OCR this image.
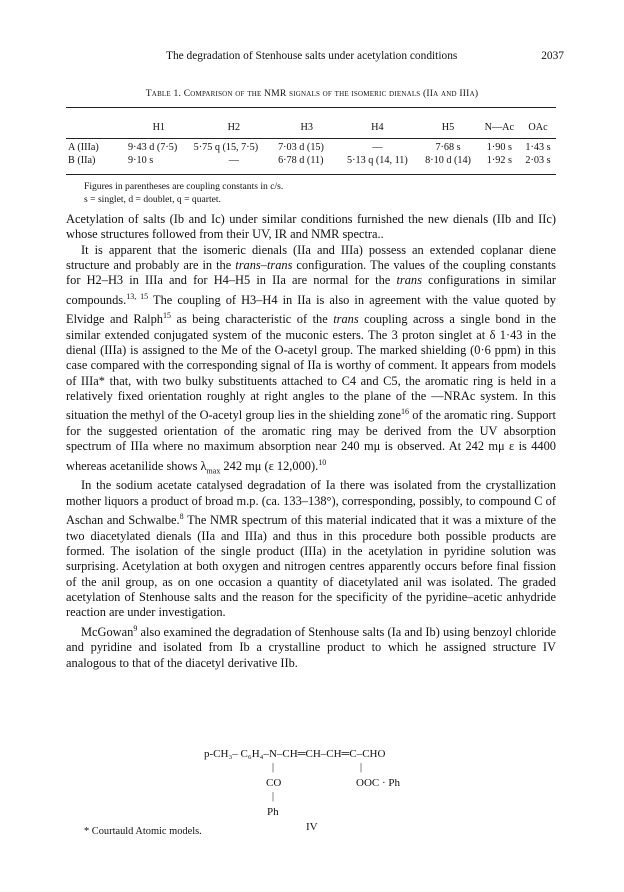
The degradation of Stenhouse salts under acetylation conditions	2037
Table 1. Comparison of the NMR signals of the isomeric dienals (IIa and IIIa)
	H1	H2	H3	H4	H5	N—Ac	OAc

A (IIIa)	9·43 d (7·5)	5·75 q (15, 7·5)	7·03 d (15)	—	7·68 s	1·90 s	1·43 s
B (IIa)	9·10 s	—	6·78 d (11)	5·13 q (14, 11)	8·10 d (14)	1·92 s	2·03 s
Figures in parentheses are coupling constants in c/s.
s = singlet, d = doublet, q = quartet.

Acetylation of salts (Ib and Ic) under similar conditions furnished the new dienals (IIb and IIc) whose structures followed from their UV, IR and NMR spectra..

It is apparent that the isomeric dienals (IIa and IIIa) possess an extended coplanar diene structure and probably are in the trans–trans configuration. The values of the coupling constants for H2–H3 in IIIa and for H4–H5 in IIa are normal for the trans configurations in similar compounds.$^{13, 15}$ The coupling of H3–H4 in IIa is also in agreement with the value quoted by Elvidge and Ralph$^{15}$ as being characteristic of the trans coupling across a single bond in the similar extended conjugated system of the muconic esters. The 3 proton singlet at δ 1·43 in the dienal (IIIa) is assigned to the Me of the O-acetyl group. The marked shielding (0·6 ppm) in this case compared with the corresponding signal of IIa is worthy of comment. It appears from models of IIIa* that, with two bulky substituents attached to C4 and C5, the aromatic ring is held in a relatively fixed orientation roughly at right angles to the plane of the —NRAc system. In this situation the methyl of the O-acetyl group lies in the shielding zone$^{16}$ of the aromatic ring. Support for the suggested orientation of the aromatic ring may be derived from the UV absorption spectrum of IIIa where no maximum absorption near 240 mμ is observed. At 242 mμ ε is 4400 whereas acetanilide shows $\lambda_{max}$ 242 mμ (ε 12,000).$^{10}$

In the sodium acetate catalysed degradation of Ia there was isolated from the crystallization mother liquors a product of broad m.p. (ca. 133–138°), corresponding, possibly, to compound C of Aschan and Schwalbe.$^8$ The NMR spectrum of this material indicated that it was a mixture of the two diacetylated dienals (IIa and IIIa) and thus in this procedure both possible products are formed. The isolation of the single product (IIIa) in the acetylation in pyridine solution was surprising. Acetylation at both oxygen and nitrogen centres apparently occurs before final fission of the anil group, as on one occasion a quantity of diacetylated anil was isolated. The graded acetylation of Stenhouse salts and the reason for the specificity of the pyridine–acetic anhydride reaction are under investigation.

McGowan$^9$ also examined the degradation of Stenhouse salts (Ia and Ib) using benzoyl chloride and pyridine and isolated from Ib a crystalline product to which he assigned structure IV analogous to that of the diacetyl derivative IIb.

p-CH₃– C₆H₄–N–CH═CH–CH═C–CHO
|	|
CO	OOC · Ph
|
Ph
IV
* Courtauld Atomic models.
